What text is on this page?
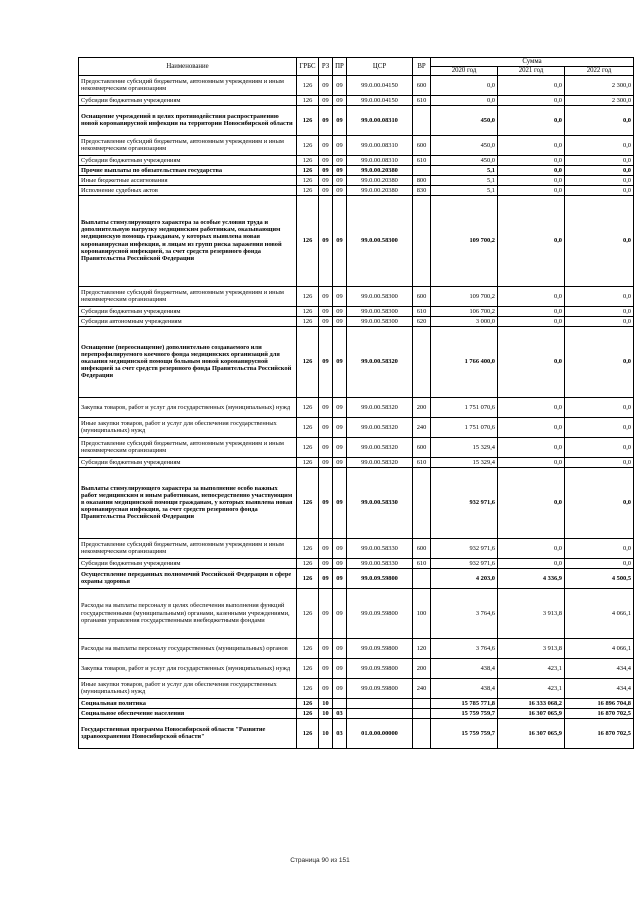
Наименование	ГРБС	РЗ	ПР	ЦСР	ВР	Сумма		
						2020 год	2021 год	2022 год
Предоставление субсидий бюджетным, автономным учреждениям и иным некоммерческим организациям	126	09	09	99.0.00.04150	600	0,0	0,0	2 300,0
Субсидии бюджетным учреждениям	126	09	09	99.0.00.04150	610	0,0	0,0	2 300,0
Оснащение учреждений в целях противодействия распространению новой коронавирусной инфекции на территории Новосибирской области	126	09	09	99.0.00.08310		450,0	0,0	0,0
Предоставление субсидий бюджетным, автономным учреждениям и иным некоммерческим организациям	126	09	09	99.0.00.08310	600	450,0	0,0	0,0
Субсидии бюджетным учреждениям	126	09	09	99.0.00.08310	610	450,0	0,0	0,0
Прочие выплаты по обязательствам государства	126	09	09	99.0.00.20380		5,1	0,0	0,0
Иные бюджетные ассигнования	126	09	09	99.0.00.20380	800	5,1	0,0	0,0
Исполнение судебных актов	126	09	09	99.0.00.20380	830	5,1	0,0	0,0
Выплаты стимулирующего характера за особые условия труда и дополнительную нагрузку медицинским работникам, оказывающим медицинскую помощь гражданам, у которых выявлена новая коронавирусная инфекция, и лицам из групп риска заражения новой коронавирусной инфекцией, за счет средств резервного фонда Правительства Российской Федерации	126	09	09	99.0.00.58300		109 700,2	0,0	0,0
Предоставление субсидий бюджетным, автономным учреждениям и иным некоммерческим организациям	126	09	09	99.0.00.58300	600	109 700,2	0,0	0,0
Субсидии бюджетным учреждениям	126	09	09	99.0.00.58300	610	106 700,2	0,0	0,0
Субсидии автономным учреждениям	126	09	09	99.0.00.58300	620	3 000,0	0,0	0,0
Оснащение (переоснащение) дополнительно создаваемого или перепрофилируемого коечного фонда медицинских организаций для оказания медицинской помощи больным новой коронавирусной инфекцией за счет средств резервного фонда Правительства Российской Федерации	126	09	09	99.0.00.58320		1 766 400,0	0,0	0,0
Закупка товаров, работ и услуг для государственных (муниципальных) нужд	126	09	09	99.0.00.58320	200	1 751 070,6	0,0	0,0
Иные закупки товаров, работ и услуг для обеспечения государственных (муниципальных) нужд	126	09	09	99.0.00.58320	240	1 751 070,6	0,0	0,0
Предоставление субсидий бюджетным, автономным учреждениям и иным некоммерческим организациям	126	09	09	99.0.00.58320	600	15 329,4	0,0	0,0
Субсидии бюджетным учреждениям	126	09	09	99.0.00.58320	610	15 329,4	0,0	0,0
Выплаты стимулирующего характера за выполнение особо важных работ медицинским и иным работникам, непосредственно участвующим в оказании медицинской помощи гражданам, у которых выявлена новая коронавирусная инфекция, за счет средств резервного фонда Правительства Российской Федерации	126	09	09	99.0.00.58330		932 971,6	0,0	0,0
Предоставление субсидий бюджетным, автономным учреждениям и иным некоммерческим организациям	126	09	09	99.0.00.58330	600	932 971,6	0,0	0,0
Субсидии бюджетным учреждениям	126	09	09	99.0.00.58330	610	932 971,6	0,0	0,0
Осуществление переданных полномочий Российской Федерации в сфере охраны здоровья	126	09	09	99.0.09.59800		4 203,0	4 336,9	4 500,5
Расходы на выплаты персоналу в целях обеспечения выполнения функций государственными (муниципальными) органами, казенными учреждениями, органами управления государственными внебюджетными фондами	126	09	09	99.0.09.59800	100	3 764,6	3 913,8	4 066,1
Расходы на выплаты персоналу государственных (муниципальных) органов	126	09	09	99.0.09.59800	120	3 764,6	3 913,8	4 066,1
Закупка товаров, работ и услуг для государственных (муниципальных) нужд	126	09	09	99.0.09.59800	200	438,4	423,1	434,4
Иные закупки товаров, работ и услуг для обеспечения государственных (муниципальных) нужд	126	09	09	99.0.09.59800	240	438,4	423,1	434,4
Социальная политика	126	10				15 785 771,8	16 333 068,2	16 896 704,8
Социальное обеспечение населения	126	10	03			15 759 759,7	16 307 065,9	16 870 702,5
Государственная программа Новосибирской области "Развитие здравоохранения Новосибирской области"	126	10	03	01.0.00.00000		15 759 759,7	16 307 065,9	16 870 702,5
Страница 90 из 151
